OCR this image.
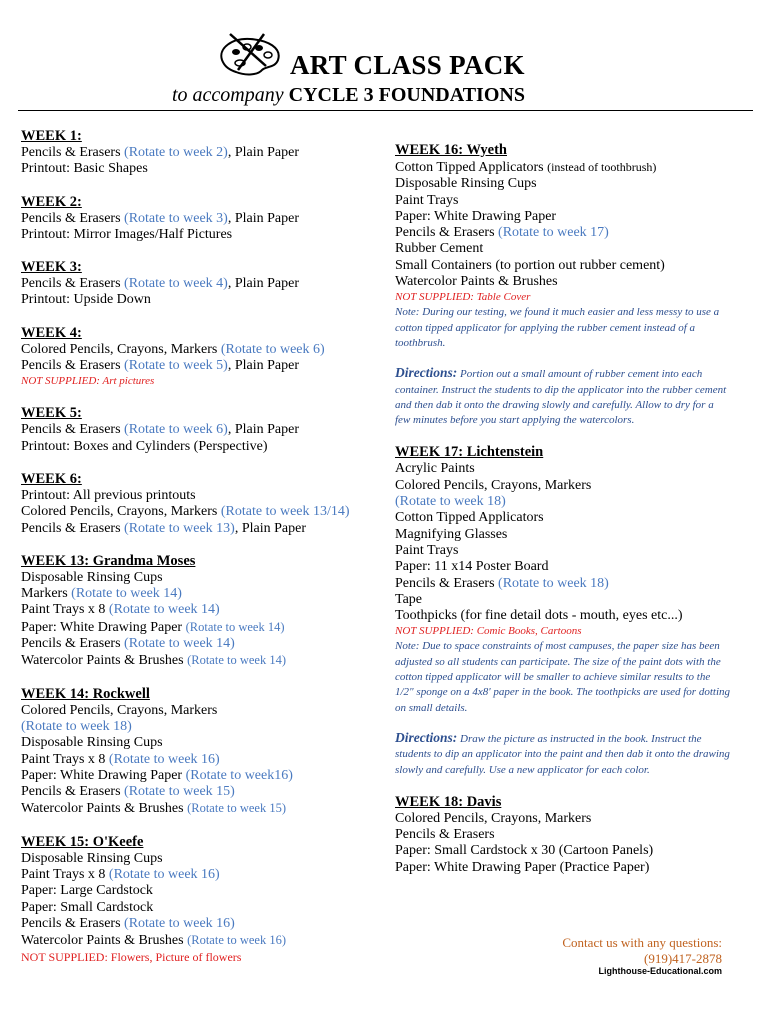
ART CLASS PACK
to accompany CYCLE 3 FOUNDATIONS
WEEK 1:
Pencils & Erasers (Rotate to week 2), Plain Paper
Printout: Basic Shapes
WEEK 2:
Pencils & Erasers (Rotate to week 3), Plain Paper
Printout: Mirror Images/Half Pictures
WEEK 3:
Pencils & Erasers (Rotate to week 4), Plain Paper
Printout: Upside Down
WEEK 4:
Colored Pencils, Crayons, Markers (Rotate to week 6)
Pencils & Erasers (Rotate to week 5), Plain Paper
NOT SUPPLIED: Art pictures
WEEK 5:
Pencils & Erasers (Rotate to week 6), Plain Paper
Printout: Boxes and Cylinders (Perspective)
WEEK 6:
Printout: All previous printouts
Colored Pencils, Crayons, Markers (Rotate to week 13/14)
Pencils & Erasers (Rotate to week 13), Plain Paper
WEEK 13: Grandma Moses
Disposable Rinsing Cups
Markers (Rotate to week 14)
Paint Trays x 8 (Rotate to week 14)
Paper: White Drawing Paper (Rotate to week 14)
Pencils & Erasers (Rotate to week 14)
Watercolor Paints & Brushes (Rotate to week 14)
WEEK 14: Rockwell
Colored Pencils, Crayons, Markers
(Rotate to week 18)
Disposable Rinsing Cups
Paint Trays x 8 (Rotate to week 16)
Paper: White Drawing Paper (Rotate to week16)
Pencils & Erasers (Rotate to week 15)
Watercolor Paints & Brushes (Rotate to week 15)
WEEK 15: O'Keefe
Disposable Rinsing Cups
Paint Trays x 8 (Rotate to week 16)
Paper: Large Cardstock
Paper: Small Cardstock
Pencils & Erasers (Rotate to week 16)
Watercolor Paints & Brushes (Rotate to week 16)
NOT SUPPLIED: Flowers, Picture of flowers
WEEK 16: Wyeth
Cotton Tipped Applicators (instead of toothbrush)
Disposable Rinsing Cups
Paint Trays
Paper: White Drawing Paper
Pencils & Erasers (Rotate to week 17)
Rubber Cement
Small Containers (to portion out rubber cement)
Watercolor Paints & Brushes
NOT SUPPLIED: Table Cover
Note: During our testing, we found it much easier and less messy to use a cotton tipped applicator for applying the rubber cement instead of a toothbrush.
Directions: Portion out a small amount of rubber cement into each container. Instruct the students to dip the applicator into the rubber cement and then dab it onto the drawing slowly and carefully. Allow to dry for a few minutes before you start applying the watercolors.
WEEK 17: Lichtenstein
Acrylic Paints
Colored Pencils, Crayons, Markers
(Rotate to week 18)
Cotton Tipped Applicators
Magnifying Glasses
Paint Trays
Paper: 11 x14 Poster Board
Pencils & Erasers (Rotate to week 18)
Tape
Toothpicks (for fine detail dots - mouth, eyes etc...)
NOT SUPPLIED: Comic Books, Cartoons
Note: Due to space constraints of most campuses, the paper size has been adjusted so all students can participate. The size of the paint dots with the cotton tipped applicator will be smaller to achieve similar results to the 1/2" sponge on a 4x8' paper in the book. The toothpicks are used for dotting on small details.
Directions: Draw the picture as instructed in the book. Instruct the students to dip an applicator into the paint and then dab it onto the drawing slowly and carefully. Use a new applicator for each color.
WEEK 18: Davis
Colored Pencils, Crayons, Markers
Pencils & Erasers
Paper: Small Cardstock x 30 (Cartoon Panels)
Paper: White Drawing Paper (Practice Paper)
Contact us with any questions:
(919)417-2878
Lighthouse-Educational.com
